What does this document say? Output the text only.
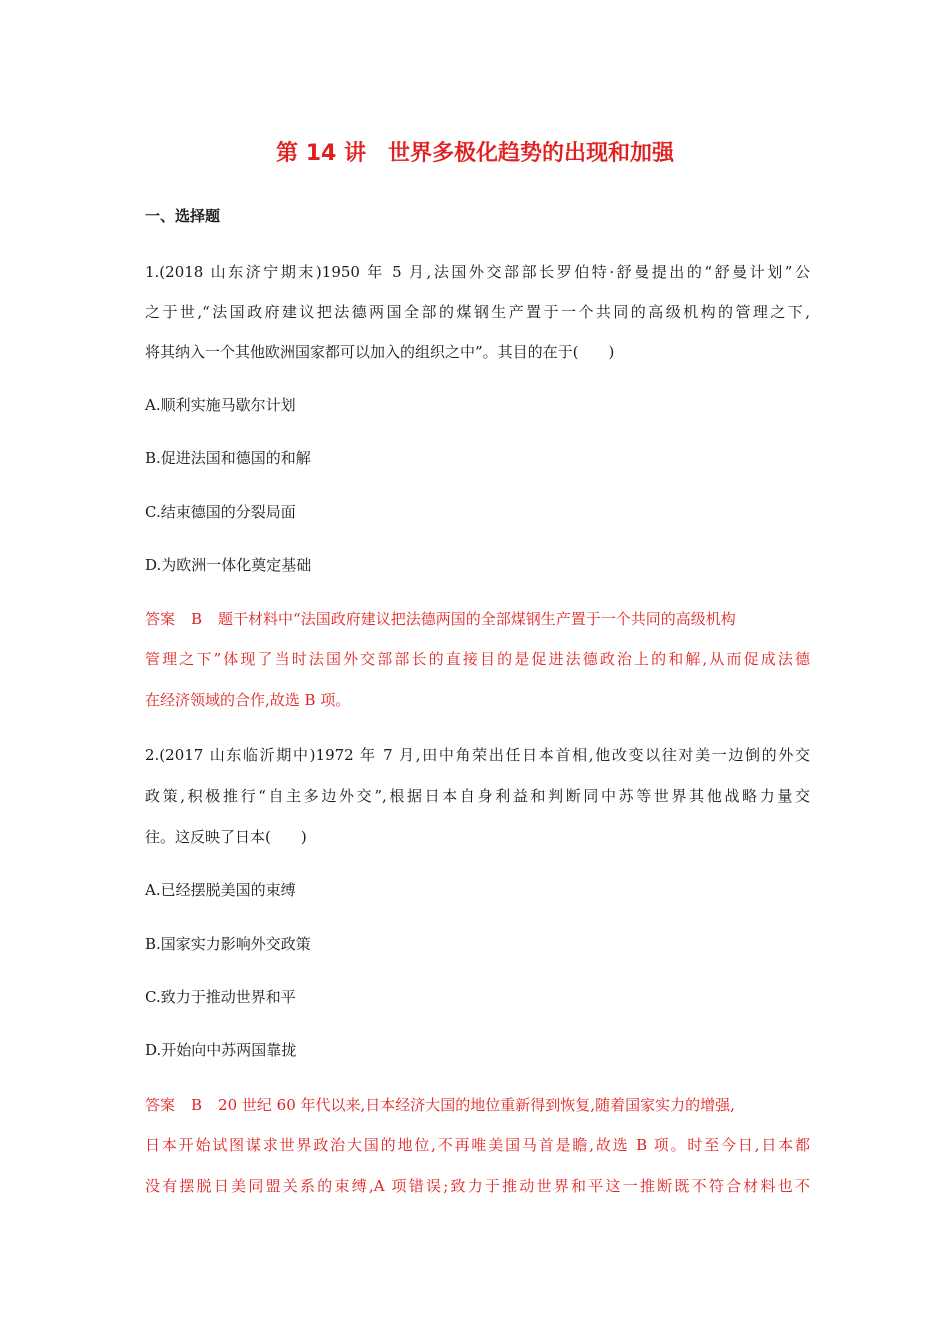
第 14 讲　世界多极化趋势的出现和加强
一、选择题
1.(2018 山东济宁期末)1950 年 5 月,法国外交部部长罗伯特·舒曼提出的“舒曼计划”公
之于世,“法国政府建议把法德两国全部的煤钢生产置于一个共同的高级机构的管理之下,
将其纳入一个其他欧洲国家都可以加入的组织之中”。其目的在于(　　)
A.顺利实施马歇尔计划
B.促进法国和德国的和解
C.结束德国的分裂局面
D.为欧洲一体化奠定基础
答案 B 题干材料中“法国政府建议把法德两国的全部煤钢生产置于一个共同的高级机构
管理之下”体现了当时法国外交部部长的直接目的是促进法德政治上的和解,从而促成法德
在经济领域的合作,故选 B 项。
2.(2017 山东临沂期中)1972 年 7 月,田中角荣出任日本首相,他改变以往对美一边倒的外交
政策,积极推行“自主多边外交”,根据日本自身利益和判断同中苏等世界其他战略力量交
往。这反映了日本(　　)
A.已经摆脱美国的束缚
B.国家实力影响外交政策
C.致力于推动世界和平
D.开始向中苏两国靠拢
答案 B 20 世纪 60 年代以来,日本经济大国的地位重新得到恢复,随着国家实力的增强,
日本开始试图谋求世界政治大国的地位,不再唯美国马首是瞻,故选 B 项。时至今日,日本都
没有摆脱日美同盟关系的束缚,A 项错误;致力于推动世界和平这一推断既不符合材料也不
